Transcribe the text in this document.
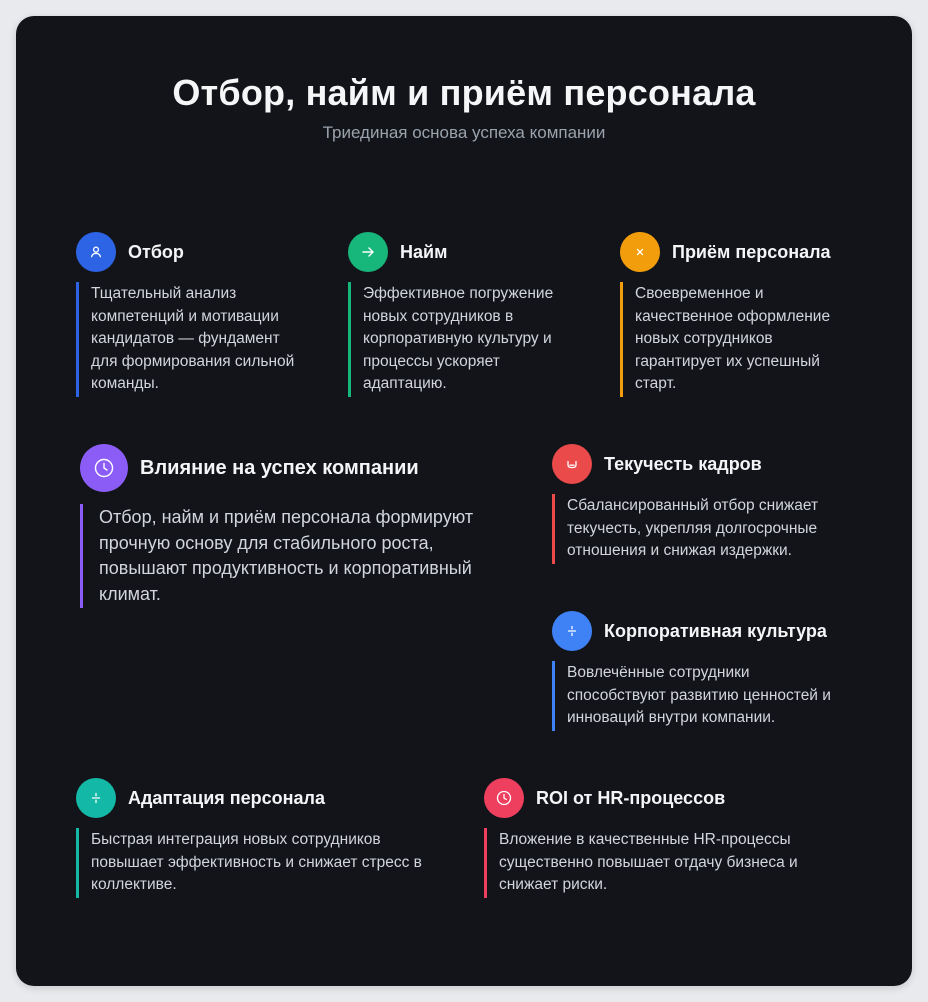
Отбор, найм и приём персонала

Триединая основа успеха компании

Отбор
Тщательный анализ компетенций и мотивации кандидатов — фундамент для формирования сильной команды.
Найм
Эффективное погружение новых сотрудников в корпоративную культуру и процессы ускоряет адаптацию.
Приём персонала
Своевременное и качественное оформление новых сотрудников гарантирует их успешный старт.
Влияние на успех компании
Отбор, найм и приём персонала формируют прочную основу для стабильного роста, повышают продуктивность и корпоративный климат.
Текучесть кадров
Сбалансированный отбор снижает текучесть, укрепляя долгосрочные отношения и снижая издержки.
Корпоративная культура
Вовлечённые сотрудники способствуют развитию ценностей и инноваций внутри компании.
Адаптация персонала
Быстрая интеграция новых сотрудников повышает эффективность и снижает стресс в коллективе.
ROI от HR-процессов
Вложение в качественные HR-процессы существенно повышает отдачу бизнеса и снижает риски.
